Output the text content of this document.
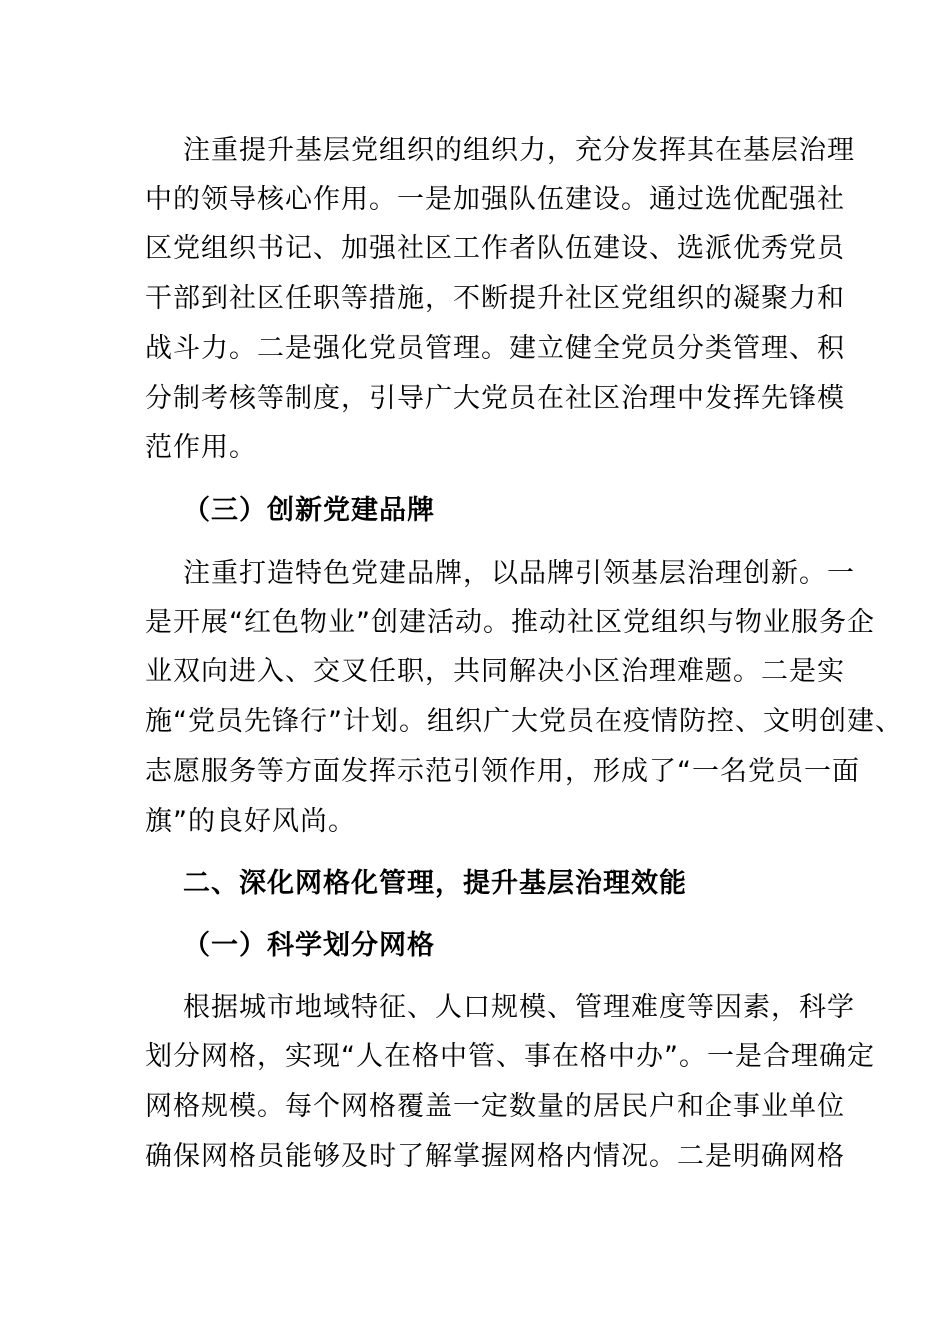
注重提升基层党组织的组织力，充分发挥其在基层治理
中的领导核心作用。一是加强队伍建设。通过选优配强社
区党组织书记、加强社区工作者队伍建设、选派优秀党员
干部到社区任职等措施，不断提升社区党组织的凝聚力和
战斗力。二是强化党员管理。建立健全党员分类管理、积
分制考核等制度，引导广大党员在社区治理中发挥先锋模
范作用。
（三）创新党建品牌
注重打造特色党建品牌，以品牌引领基层治理创新。一
是开展“红色物业”创建活动。推动社区党组织与物业服务企
业双向进入、交叉任职，共同解决小区治理难题。二是实
施“党员先锋行”计划。组织广大党员在疫情防控、文明创建、
志愿服务等方面发挥示范引领作用，形成了“一名党员一面
旗”的良好风尚。
二、深化网格化管理，提升基层治理效能
（一）科学划分网格
根据城市地域特征、人口规模、管理难度等因素，科学
划分网格，实现“人在格中管、事在格中办”。一是合理确定
网格规模。每个网格覆盖一定数量的居民户和企事业单位
确保网格员能够及时了解掌握网格内情况。二是明确网格
